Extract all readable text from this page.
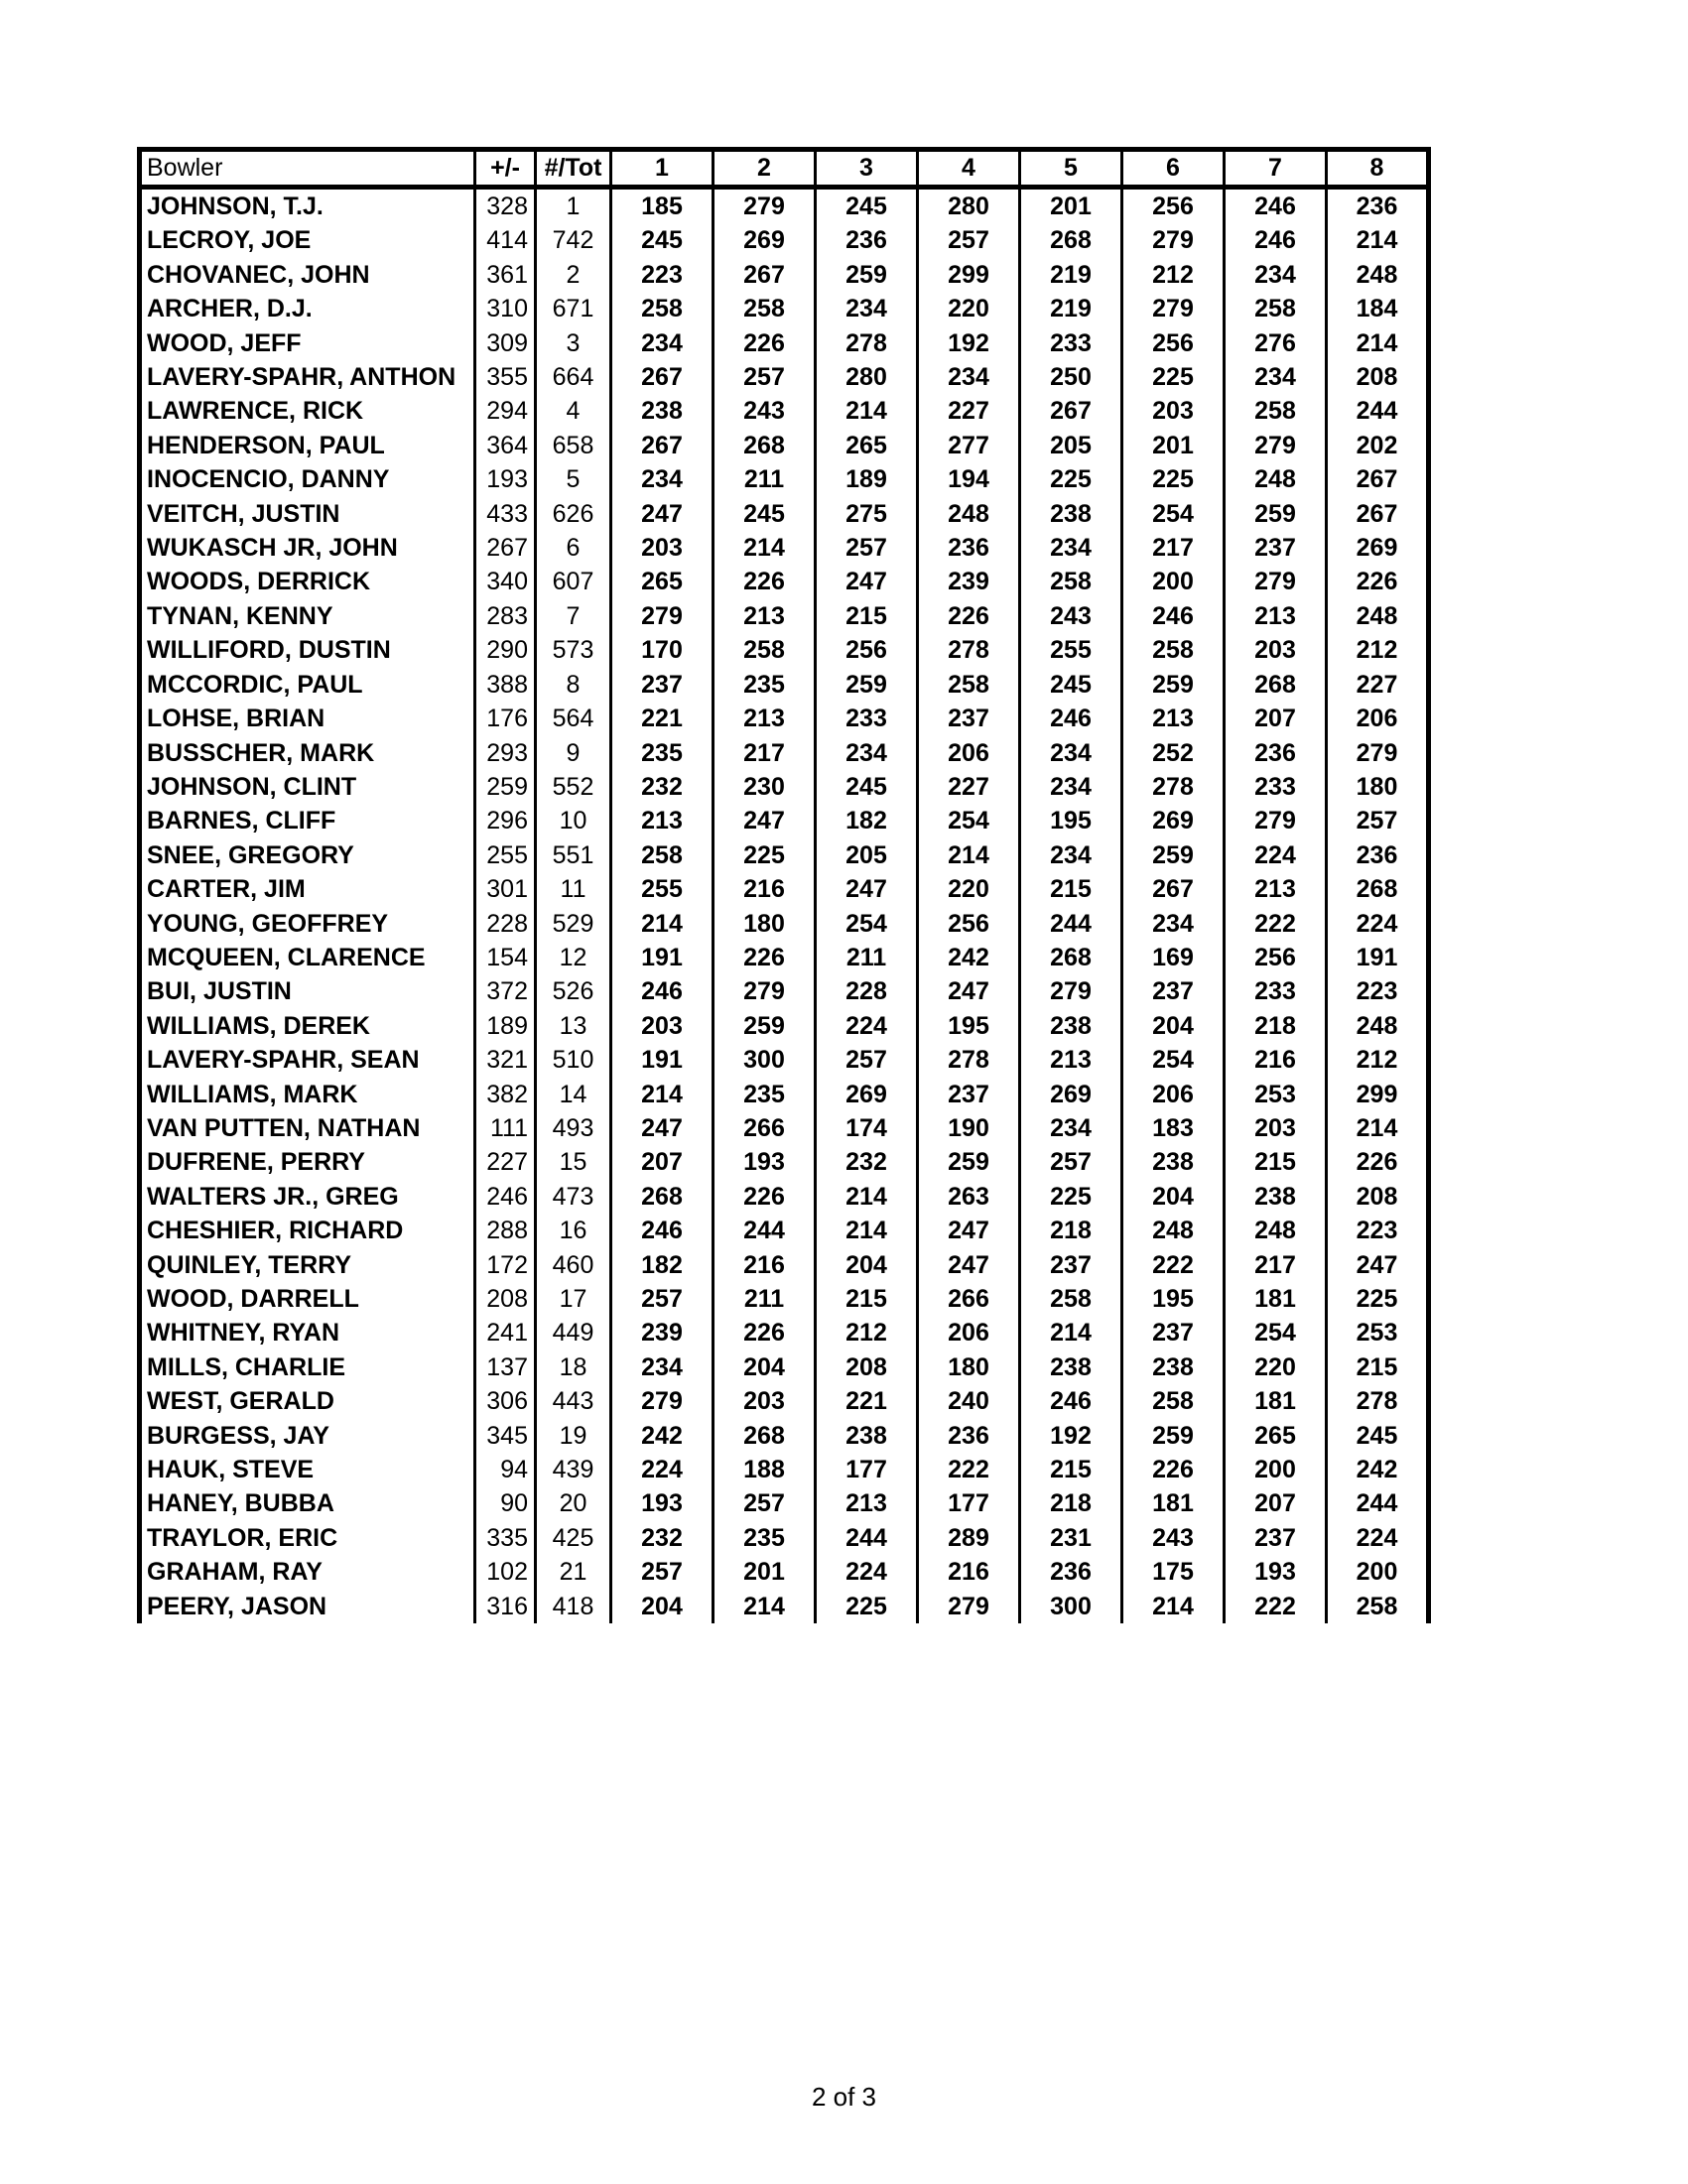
Bowler	+/-	#/Tot	1	2	3	4	5	6	7	8
JOHNSON, T.J.	328	1	185	279	245	280	201	256	246	236
LECROY, JOE	414	742	245	269	236	257	268	279	246	214
CHOVANEC, JOHN	361	2	223	267	259	299	219	212	234	248
ARCHER, D.J.	310	671	258	258	234	220	219	279	258	184
WOOD, JEFF	309	3	234	226	278	192	233	256	276	214
LAVERY-SPAHR, ANTHON	355	664	267	257	280	234	250	225	234	208
LAWRENCE, RICK	294	4	238	243	214	227	267	203	258	244
HENDERSON, PAUL	364	658	267	268	265	277	205	201	279	202
INOCENCIO, DANNY	193	5	234	211	189	194	225	225	248	267
VEITCH, JUSTIN	433	626	247	245	275	248	238	254	259	267
WUKASCH JR, JOHN	267	6	203	214	257	236	234	217	237	269
WOODS, DERRICK	340	607	265	226	247	239	258	200	279	226
TYNAN, KENNY	283	7	279	213	215	226	243	246	213	248
WILLIFORD, DUSTIN	290	573	170	258	256	278	255	258	203	212
MCCORDIC, PAUL	388	8	237	235	259	258	245	259	268	227
LOHSE, BRIAN	176	564	221	213	233	237	246	213	207	206
BUSSCHER, MARK	293	9	235	217	234	206	234	252	236	279
JOHNSON, CLINT	259	552	232	230	245	227	234	278	233	180
BARNES, CLIFF	296	10	213	247	182	254	195	269	279	257
SNEE, GREGORY	255	551	258	225	205	214	234	259	224	236
CARTER, JIM	301	11	255	216	247	220	215	267	213	268
YOUNG, GEOFFREY	228	529	214	180	254	256	244	234	222	224
MCQUEEN, CLARENCE	154	12	191	226	211	242	268	169	256	191
BUI, JUSTIN	372	526	246	279	228	247	279	237	233	223
WILLIAMS, DEREK	189	13	203	259	224	195	238	204	218	248
LAVERY-SPAHR, SEAN	321	510	191	300	257	278	213	254	216	212
WILLIAMS, MARK	382	14	214	235	269	237	269	206	253	299
VAN PUTTEN, NATHAN	111	493	247	266	174	190	234	183	203	214
DUFRENE, PERRY	227	15	207	193	232	259	257	238	215	226
WALTERS JR., GREG	246	473	268	226	214	263	225	204	238	208
CHESHIER, RICHARD	288	16	246	244	214	247	218	248	248	223
QUINLEY, TERRY	172	460	182	216	204	247	237	222	217	247
WOOD, DARRELL	208	17	257	211	215	266	258	195	181	225
WHITNEY, RYAN	241	449	239	226	212	206	214	237	254	253
MILLS, CHARLIE	137	18	234	204	208	180	238	238	220	215
WEST, GERALD	306	443	279	203	221	240	246	258	181	278
BURGESS, JAY	345	19	242	268	238	236	192	259	265	245
HAUK, STEVE	94	439	224	188	177	222	215	226	200	242
HANEY, BUBBA	90	20	193	257	213	177	218	181	207	244
TRAYLOR, ERIC	335	425	232	235	244	289	231	243	237	224
GRAHAM, RAY	102	21	257	201	224	216	236	175	193	200
PEERY, JASON	316	418	204	214	225	279	300	214	222	258
2 of 3
